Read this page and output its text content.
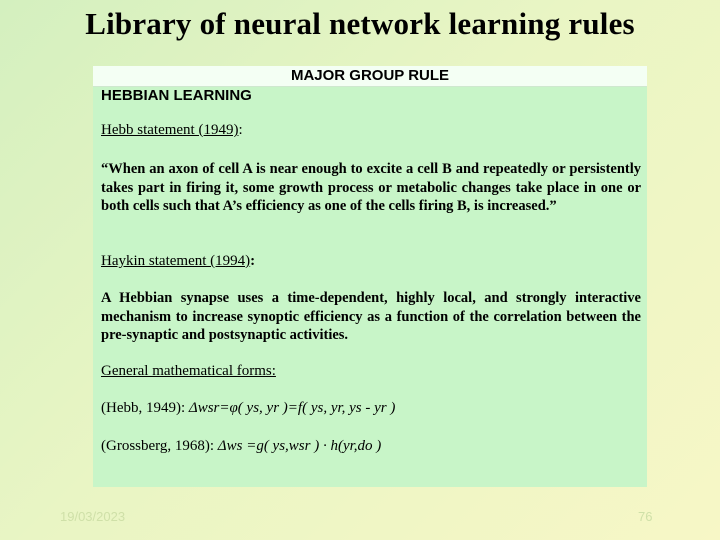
Library of neural network learning rules
MAJOR GROUP RULE
HEBBIAN LEARNING
Hebb statement (1949):
“When an axon of cell A is near enough to excite a cell B and repeatedly or persistently takes part in firing it, some growth process or metabolic changes take place in one or both cells such that A’s efficiency as one of the cells firing B, is increased.”
Haykin statement (1994):
A Hebbian synapse uses a time-dependent, highly local, and strongly interactive mechanism to increase synoptic efficiency as a function of the correlation between the pre-synaptic and postsynaptic activities.
General mathematical forms:
(Hebb, 1949): Δwsr=φ( ys, yr )=f( ys, yr, ys - yr )
(Grossberg, 1968): Δws =g( ys,wsr ) · h(yr,do )
19/03/2023	76
